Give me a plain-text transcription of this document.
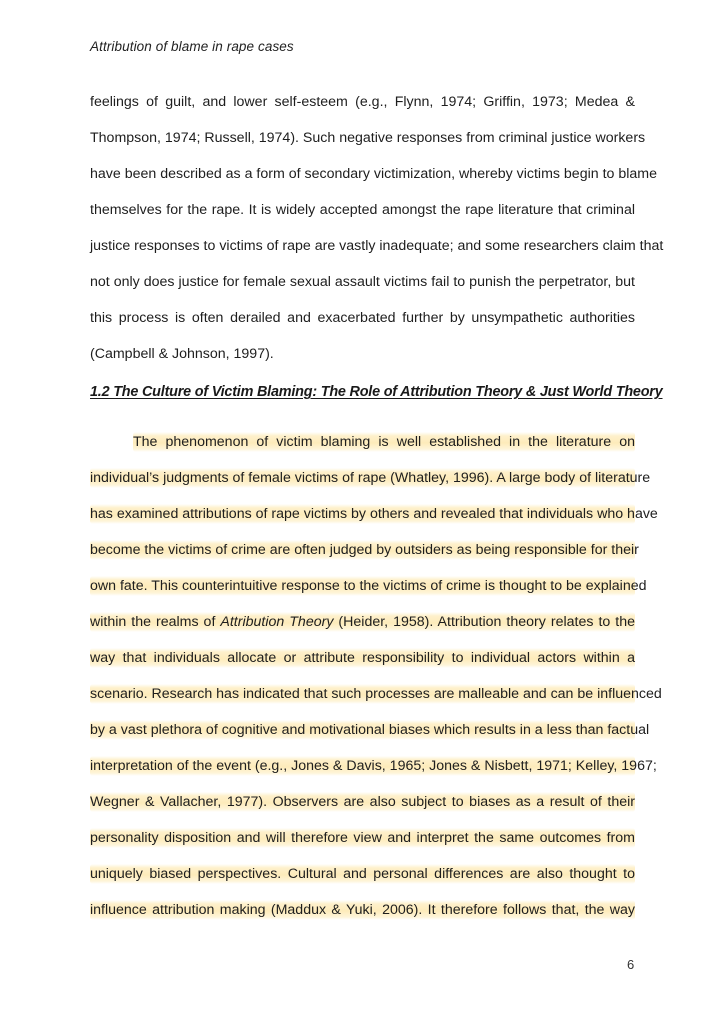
Attribution of blame in rape cases
feelings of guilt, and lower self-esteem (e.g., Flynn, 1974; Griffin, 1973; Medea &
Thompson, 1974; Russell, 1974). Such negative responses from criminal justice workers
have been described as a form of secondary victimization, whereby victims begin to blame
themselves for the rape. It is widely accepted amongst the rape literature that criminal
justice responses to victims of rape are vastly inadequate; and some researchers claim that
not only does justice for female sexual assault victims fail to punish the perpetrator, but
this process is often derailed and exacerbated further by unsympathetic authorities
(Campbell & Johnson, 1997).
1.2 The Culture of Victim Blaming: The Role of Attribution Theory & Just World Theory
The phenomenon of victim blaming is well established in the literature on
individual’s judgments of female victims of rape (Whatley, 1996). A large body of literature
has examined attributions of rape victims by others and revealed that individuals who have
become the victims of crime are often judged by outsiders as being responsible for their
own fate. This counterintuitive response to the victims of crime is thought to be explained
within the realms of Attribution Theory (Heider, 1958). Attribution theory relates to the
way that individuals allocate or attribute responsibility to individual actors within a
scenario. Research has indicated that such processes are malleable and can be influenced
by a vast plethora of cognitive and motivational biases which results in a less than factual
interpretation of the event (e.g., Jones & Davis, 1965; Jones & Nisbett, 1971; Kelley, 1967;
Wegner & Vallacher, 1977). Observers are also subject to biases as a result of their
personality disposition and will therefore view and interpret the same outcomes from
uniquely biased perspectives. Cultural and personal differences are also thought to
influence attribution making (Maddux & Yuki, 2006). It therefore follows that, the way
6
